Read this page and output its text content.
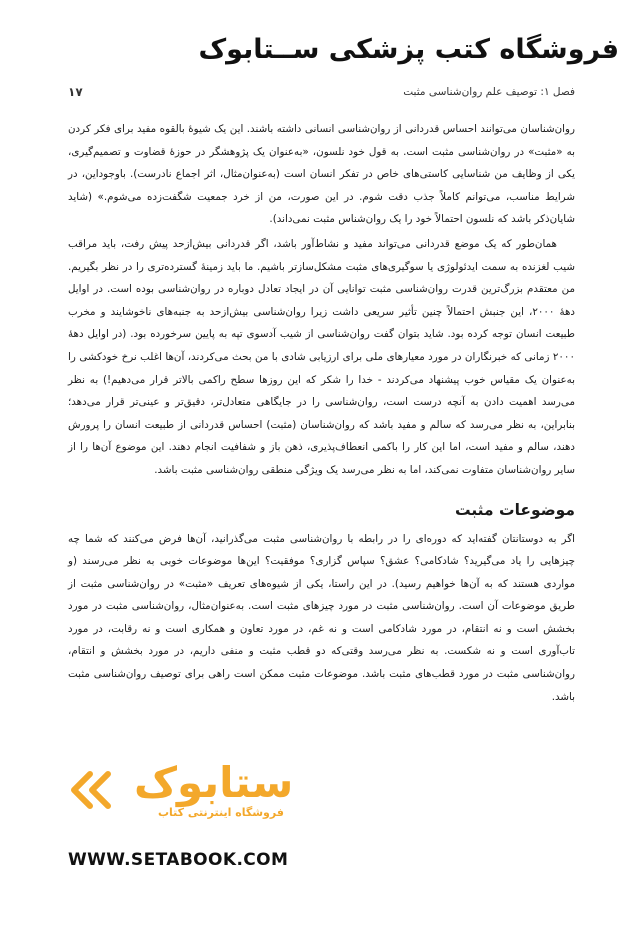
فروشگاه کتب پزشکی ســتابوک
فصل ۱: توصیف علم روان‌شناسی مثبت
۱۷

روان‌شناسان می‌توانند احساس قدردانی از روان‌شناسی انسانی داشته باشند. این یک شیوهٔ بالقوه مفید برای فکر کردن به «مثبت» در روان‌شناسی مثبت است. به قول خود نلسون، «به‌عنوان یک پژوهشگر در حوزهٔ قضاوت و تصمیم‌گیری، یکی از وظایف من شناسایی کاستی‌های خاص در تفکر انسان است (به‌عنوان‌مثال، اثر اجماع نادرست). باوجوداین، در شرایط مناسب، می‌توانم کاملاً جذب دقت شوم. در این صورت، من از خرد جمعیت شگفت‌زده می‌شوم.» (شاید شایان‌ذکر باشد که نلسون احتمالاً خود را یک روان‌شناس مثبت نمی‌داند).

همان‌طور که یک موضع قدردانی می‌تواند مفید و نشاط‌آور باشد، اگر قدردانی بیش‌ازحد پیش رفت، باید مراقب شیب لغزنده به سمت ایدئولوژی یا سوگیری‌های مثبت مشکل‌سازتر باشیم. ما باید زمینهٔ گسترده‌تری را در نظر بگیریم. من معتقدم بزرگ‌ترین قدرت روان‌شناسی مثبت توانایی آن در ایجاد تعادل دوباره در روان‌شناسی بوده است. در اوایل دههٔ ۲۰۰۰، این جنبش احتمالاً چنین تأثیر سریعی داشت زیرا روان‌شناسی بیش‌ازحد به جنبه‌های ناخوشایند و مخرب طبیعت انسان توجه کرده بود. شاید بتوان گفت روان‌شناسی از شیب آدسوی تپه به پایین سرخورده بود. (در اوایل دههٔ ۲۰۰۰ زمانی که خبرنگاران در مورد معیارهای ملی برای ارزیابی شادی با من بحث می‌کردند، آن‌ها اغلب نرخ خودکشی را به‌عنوان یک مقیاس خوب پیشنهاد می‌کردند - خدا را شکر که این روزها سطح راکمی بالاتر قرار می‌دهیم!) به نظر می‌رسد اهمیت دادن به آنچه درست است، روان‌شناسی را در جایگاهی متعادل‌تر، دقیق‌تر و عینی‌تر قرار می‌دهد؛ بنابراین، به نظر می‌رسد که سالم و مفید باشد که روان‌شناسان (مثبت) احساس قدردانی از طبیعت انسان را پرورش دهند، سالم و مفید است، اما این کار را باکمی انعطاف‌پذیری، ذهن باز و شفافیت انجام دهند. این موضوع آن‌ها را از سایر روان‌شناسان متفاوت نمی‌کند، اما به نظر می‌رسد یک ویژگی منطقی روان‌شناسی مثبت باشد.

موضوعات مثبت

اگر به دوستانتان گفته‌اید که دوره‌ای را در رابطه با روان‌شناسی مثبت می‌گذرانید، آن‌ها فرض می‌کنند که شما چه چیزهایی را یاد می‌گیرید؟ شادکامی؟ عشق؟ سپاس گزاری؟ موفقیت؟ این‌ها موضوعات خوبی به نظر می‌رسند (و مواردی هستند که به آن‌ها خواهیم رسید). در این راستا، یکی از شیوه‌های تعریف «مثبت» در روان‌شناسی مثبت از طریق موضوعات آن است. روان‌شناسی مثبت در مورد چیزهای مثبت است. به‌عنوان‌مثال، روان‌شناسی مثبت در مورد بخشش است و نه انتقام، در مورد شادکامی است و نه غم، در مورد تعاون و همکاری است و نه رقابت، در مورد تاب‌آوری است و نه شکست. به نظر می‌رسد وقتی‌که دو قطب مثبت و منفی داریم، در مورد بخشش و انتقام، روان‌شناسی مثبت در مورد قطب‌های مثبت باشد. موضوعات مثبت ممکن است راهی برای توصیف روان‌شناسی مثبت باشد.

ستابوک
فروشگاه اینترنتی کتاب
WWW.SETABOOK.COM
